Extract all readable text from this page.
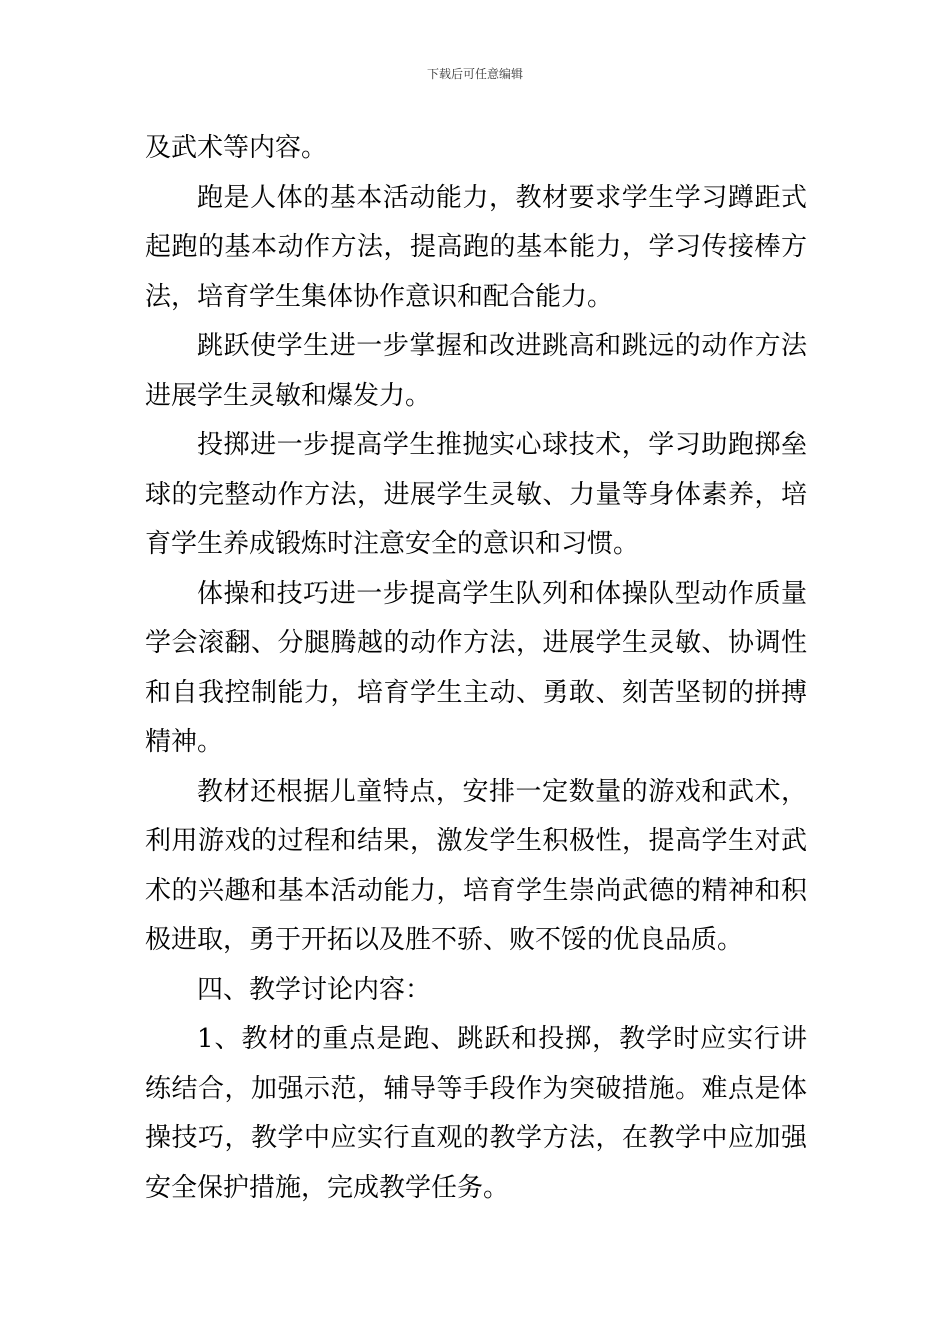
下载后可任意编辑

及武术等内容。

跑是人体的基本活动能力，教材要求学生学习蹲距式起跑的基本动作方法，提高跑的基本能力，学习传接棒方法，培育学生集体协作意识和配合能力。

跳跃使学生进一步掌握和改进跳高和跳远的动作方法进展学生灵敏和爆发力。

投掷进一步提高学生推抛实心球技术，学习助跑掷垒球的完整动作方法，进展学生灵敏、力量等身体素养，培育学生养成锻炼时注意安全的意识和习惯。

体操和技巧进一步提高学生队列和体操队型动作质量学会滚翻、分腿腾越的动作方法，进展学生灵敏、协调性和自我控制能力，培育学生主动、勇敢、刻苦坚韧的拼搏精神。

教材还根据儿童特点，安排一定数量的游戏和武术，利用游戏的过程和结果，激发学生积极性，提高学生对武术的兴趣和基本活动能力，培育学生崇尚武德的精神和积极进取，勇于开拓以及胜不骄、败不馁的优良品质。

四、教学讨论内容：

1、教材的重点是跑、跳跃和投掷，教学时应实行讲练结合，加强示范，辅导等手段作为突破措施。难点是体操技巧，教学中应实行直观的教学方法，在教学中应加强安全保护措施，完成教学任务。
